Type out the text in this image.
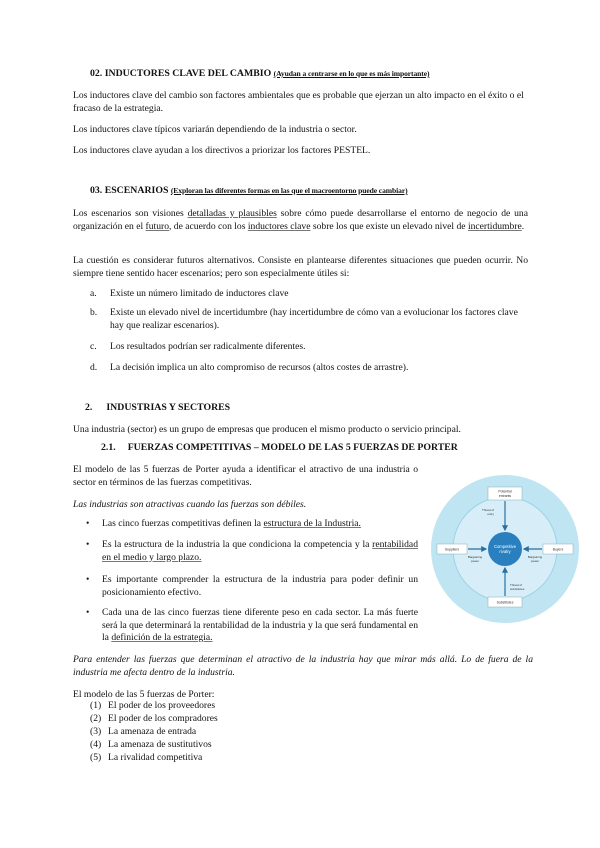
02. INDUCTORES CLAVE DEL CAMBIO (Ayudan a centrarse en lo que es más importante)

Los inductores clave del cambio son factores ambientales que es probable que ejerzan un alto impacto en el éxito o el fracaso de la estrategia.

Los inductores clave típicos variarán dependiendo de la industria o sector.

Los inductores clave ayudan a los directivos a priorizar los factores PESTEL.

03. ESCENARIOS (Exploran las diferentes formas en las que el macroentorno puede cambiar)

Los escenarios son visiones detalladas y plausibles sobre cómo puede desarrollarse el entorno de negocio de una organización en el futuro, de acuerdo con los inductores clave sobre los que existe un elevado nivel de incertidumbre.

La cuestión es considerar futuros alternativos. Consiste en plantearse diferentes situaciones que pueden ocurrir. No siempre tiene sentido hacer escenarios; pero son especialmente útiles si:

a. Existe un número limitado de inductores clave
b. Existe un elevado nivel de incertidumbre (hay incertidumbre de cómo van a evolucionar los factores clave hay que realizar escenarios).
c. Los resultados podrían ser radicalmente diferentes.
d. La decisión implica un alto compromiso de recursos (altos costes de arrastre).

2. INDUSTRIAS Y SECTORES

Una industria (sector) es un grupo de empresas que producen el mismo producto o servicio principal.

2.1. FUERZAS COMPETITIVAS – MODELO DE LAS 5 FUERZAS DE PORTER

El modelo de las 5 fuerzas de Porter ayuda a identificar el atractivo de una industria o sector en términos de las fuerzas competitivas.

Las industrias son atractivas cuando las fuerzas son débiles.

• Las cinco fuerzas competitivas definen la estructura de la Industria.
• Es la estructura de la industria la que condiciona la competencia y la rentabilidad en el medio y largo plazo.
• Es importante comprender la estructura de la industria para poder definir un posicionamiento efectivo.
• Cada una de las cinco fuerzas tiene diferente peso en cada sector. La más fuerte será la que determinará la rentabilidad de la industria y la que será fundamental en la definición de la estrategia.

Para entender las fuerzas que determinan el atractivo de la industria hay que mirar más allá. Lo de fuera de la industria me afecta dentro de la industria.

El modelo de las 5 fuerzas de Porter:

(1) El poder de los proveedores
(2) El poder de los compradores
(3) La amenaza de entrada
(4) La amenaza de sustitutivos
(5) La rivalidad competitiva
Competitive
rivalry
Potential
entrants
Suppliers	Buyers
Substitutes
Threat of
entry
Bargaining
power
Bargaining
power
Threat of
substitutes
